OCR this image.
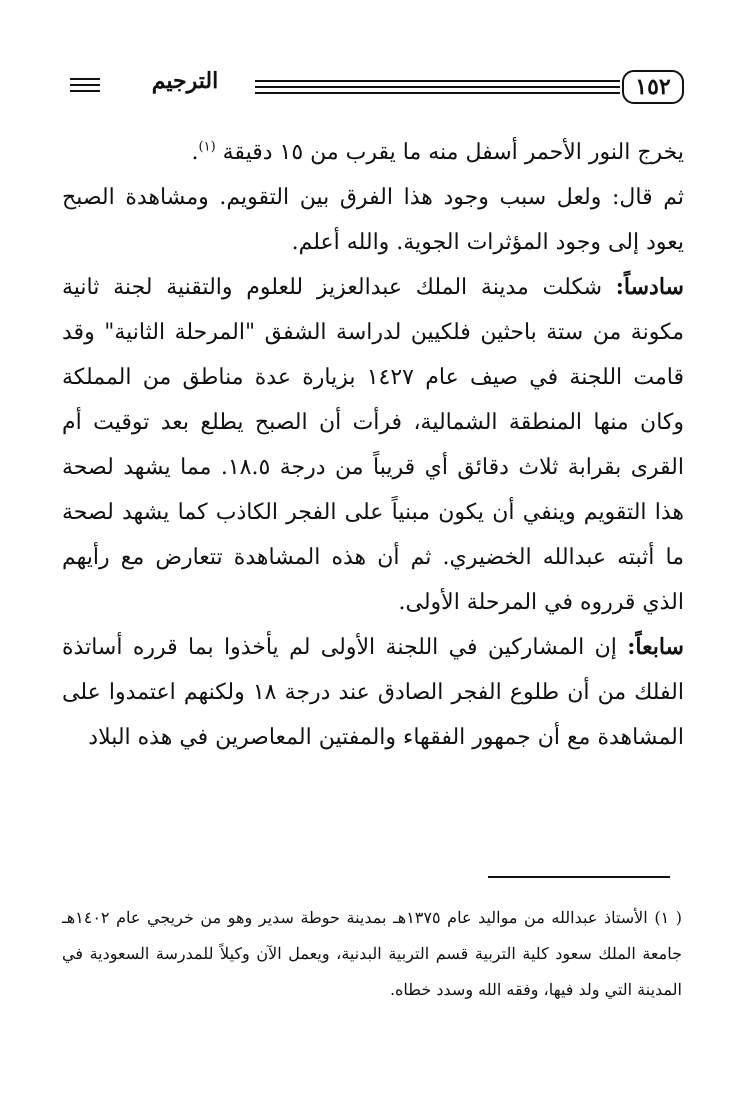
الترجيم	١٥٢

يخرج النور الأحمر أسفل منه ما يقرب من ١٥ دقيقة $^{(١)}$.

ثم قال: ولعل سبب وجود هذا الفرق بين التقويم. ومشاهدة الصبح يعود إلى وجود المؤثرات الجوية. والله أعلم.

سادساً: شكلت مدينة الملك عبدالعزيز للعلوم والتقنية لجنة ثانية مكونة من ستة باحثين فلكيين لدراسة الشفق "المرحلة الثانية" وقد قامت اللجنة في صيف عام ١٤٢٧ بزيارة عدة مناطق من المملكة وكان منها المنطقة الشمالية، فرأت أن الصبح يطلع بعد توقيت أم القرى بقرابة ثلاث دقائق أي قريباً من درجة ١٨.٥. مما يشهد لصحة هذا التقويم وينفي أن يكون مبنياً على الفجر الكاذب كما يشهد لصحة ما أثبته عبدالله الخضيري. ثم أن هذه المشاهدة تتعارض مع رأيهم الذي قرروه في المرحلة الأولى.

سابعاً: إن المشاركين في اللجنة الأولى لم يأخذوا بما قرره أساتذة الفلك من أن طلوع الفجر الصادق عند درجة ١٨ ولكنهم اعتمدوا على المشاهدة مع أن جمهور الفقهاء والمفتين المعاصرين في هذه البلاد

( ١) الأستاذ عبدالله من مواليد عام ١٣٧٥هـ بمدينة حوطة سدير وهو من خريجي عام ١٤٠٢هـ جامعة الملك سعود كلية التربية قسم التربية البدنية، ويعمل الآن وكيلاً للمدرسة السعودية في المدينة التي ولد فيها، وفقه الله وسدد خطاه.
